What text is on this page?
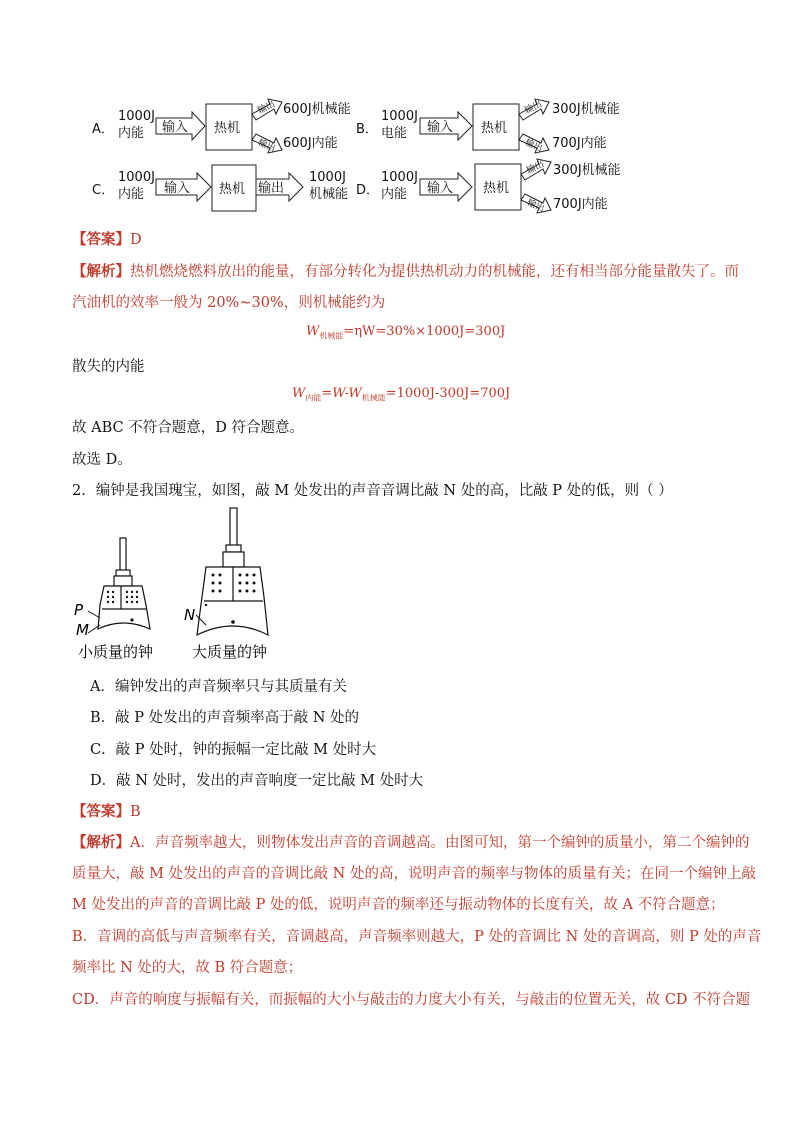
A．
1000J
内能 输入 热机
输出
输出
600J机械能
600J内能
B．
1000J
电能 输入 热机
输出
输出
300J机械能
700J内能
C．
1000J
内能 输入 热机 输出
1000J
机械能 D．
1000J
内能 输入 热机
输出
输出
300J机械能
700J内能
【答案】D
【解析】热机燃烧燃料放出的能量，有部分转化为提供热机动力的机械能，还有相当部分能量散失了。而
汽油机的效率一般为 20%~30%，则机械能约为
$W_{机械能}=\eta W=30\%\times 1000J=300J$
散失的内能
$W_{内能}=W-W_{机械能}=1000J-300J=700J$
故 ABC 不符合题意，D 符合题意。
故选 D。
2．编钟是我国瑰宝，如图，敲 M 处发出的声音音调比敲 N 处的高，比敲 P 处的低，则（ ）
P
M
N
小质量的钟	大质量的钟
A．编钟发出的声音频率只与其质量有关
B．敲 P 处发出的声音频率高于敲 N 处的
C．敲 P 处时，钟的振幅一定比敲 M 处时大
D．敲 N 处时，发出的声音响度一定比敲 M 处时大
【答案】B
【解析】A．声音频率越大，则物体发出声音的音调越高。由图可知，第一个编钟的质量小，第二个编钟的
质量大，敲 M 处发出的声音的音调比敲 N 处的高，说明声音的频率与物体的质量有关；在同一个编钟上敲
M 处发出的声音的音调比敲 P 处的低，说明声音的频率还与振动物体的长度有关，故 A 不符合题意；
B．音调的高低与声音频率有关，音调越高，声音频率则越大，P 处的音调比 N 处的音调高，则 P 处的声音
频率比 N 处的大，故 B 符合题意；
CD．声音的响度与振幅有关，而振幅的大小与敲击的力度大小有关，与敲击的位置无关，故 CD 不符合题
